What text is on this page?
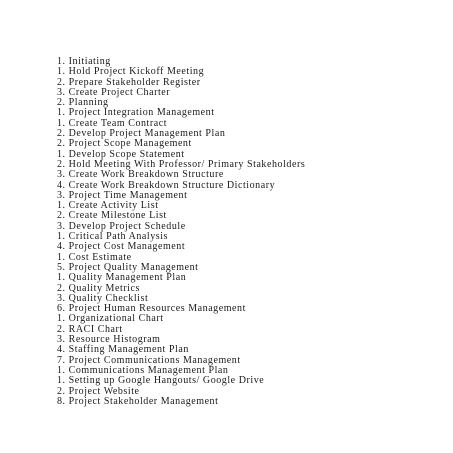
1. Initiating
1. Hold Project Kickoff Meeting
2. Prepare Stakeholder Register
3. Create Project Charter
2. Planning
1. Project Integration Management
1. Create Team Contract
2. Develop Project Management Plan
2. Project Scope Management
1. Develop Scope Statement
2. Hold Meeting With Professor/ Primary Stakeholders
3. Create Work Breakdown Structure
4. Create Work Breakdown Structure Dictionary
3. Project Time Management
1. Create Activity List
2. Create Milestone List
3. Develop Project Schedule
1. Critical Path Analysis
4. Project Cost Management
1. Cost Estimate
5. Project Quality Management
1. Quality Management Plan
2. Quality Metrics
3. Quality Checklist
6. Project Human Resources Management
1. Organizational Chart
2. RACI Chart
3. Resource Histogram
4. Staffing Management Plan
7. Project Communications Management
1. Communications Management Plan
1. Setting up Google Hangouts/ Google Drive
2. Project Website
8. Project Stakeholder Management
